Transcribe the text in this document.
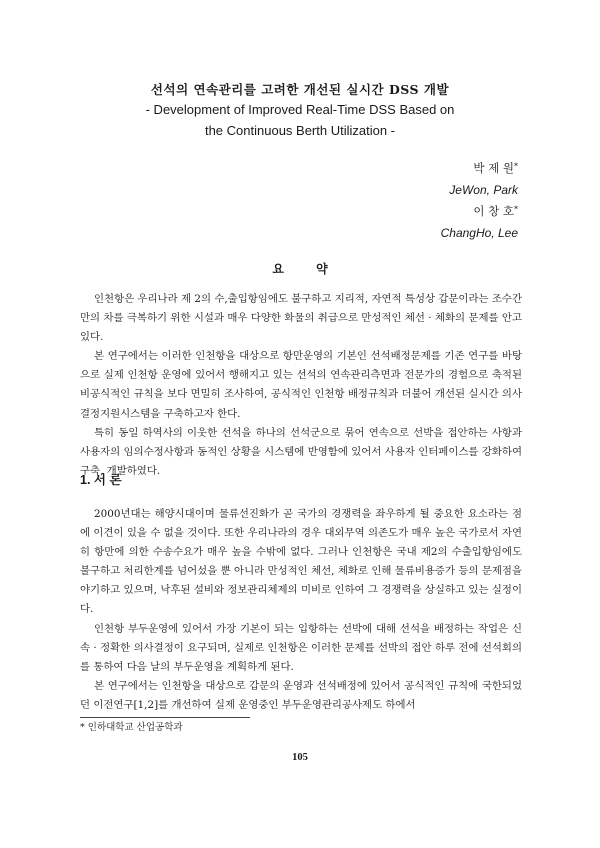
선석의 연속관리를 고려한 개선된 실시간 DSS 개발
- Development of Improved Real-Time DSS Based on
the Continuous Berth Utilization -
박 제 원*
JeWon, Park
이 창 호*
ChangHo, Lee
요 약

인천항은 우리나라 제 2의 수,출입항임에도 불구하고 지리적, 자연적 특성상 갑문이라는 조수간만의 차를 극복하기 위한 시설과 매우 다양한 화물의 취급으로 만성적인 체선 · 체화의 문제를 안고 있다.

본 연구에서는 이러한 인천항을 대상으로 항만운영의 기본인 선석배정문제를 기존 연구를 바탕으로 실제 인천항 운영에 있어서 행해지고 있는 선석의 연속관리측면과 전문가의 경험으로 축적된 비공식적인 규칙을 보다 면밀히 조사하여, 공식적인 인천항 배정규칙과 더불어 개선된 실시간 의사결정지원시스템을 구축하고자 한다.

특히 동일 하역사의 이웃한 선석을 하나의 선석군으로 묶어 연속으로 선박을 접안하는 사항과 사용자의 임의수정사항과 동적인 상황을 시스템에 반영함에 있어서 사용자 인터페이스를 강화하여 구축, 개발하였다.

1. 서 론

2000년대는 해양시대이며 물류선진화가 곧 국가의 경쟁력을 좌우하게 될 중요한 요소라는 점에 이견이 있을 수 없을 것이다. 또한 우리나라의 경우 대외무역 의존도가 매우 높은 국가로서 자연히 항만에 의한 수송수요가 매우 높을 수밖에 없다. 그러나 인천항은 국내 제2의 수출입항임에도 불구하고 처리한계를 넘어섰을 뿐 아니라 만성적인 체선, 체화로 인해 물류비용증가 등의 문제점을 야기하고 있으며, 낙후된 설비와 정보관리체제의 미비로 인하여 그 경쟁력을 상실하고 있는 실정이다.

인천항 부두운영에 있어서 가장 기본이 되는 입항하는 선박에 대해 선석을 배정하는 작업은 신속 · 정확한 의사결정이 요구되며, 실제로 인천항은 이러한 문제를 선박의 접안 하루 전에 선석회의를 통하여 다음 날의 부두운영을 계획하게 된다.

본 연구에서는 인천항을 대상으로 갑문의 운영과 선석배정에 있어서 공식적인 규칙에 국한되었던 이전연구[1,2]를 개선하여 실제 운영중인 부두운영관리공사제도 하에서

* 인하대학교 산업공학과
105
